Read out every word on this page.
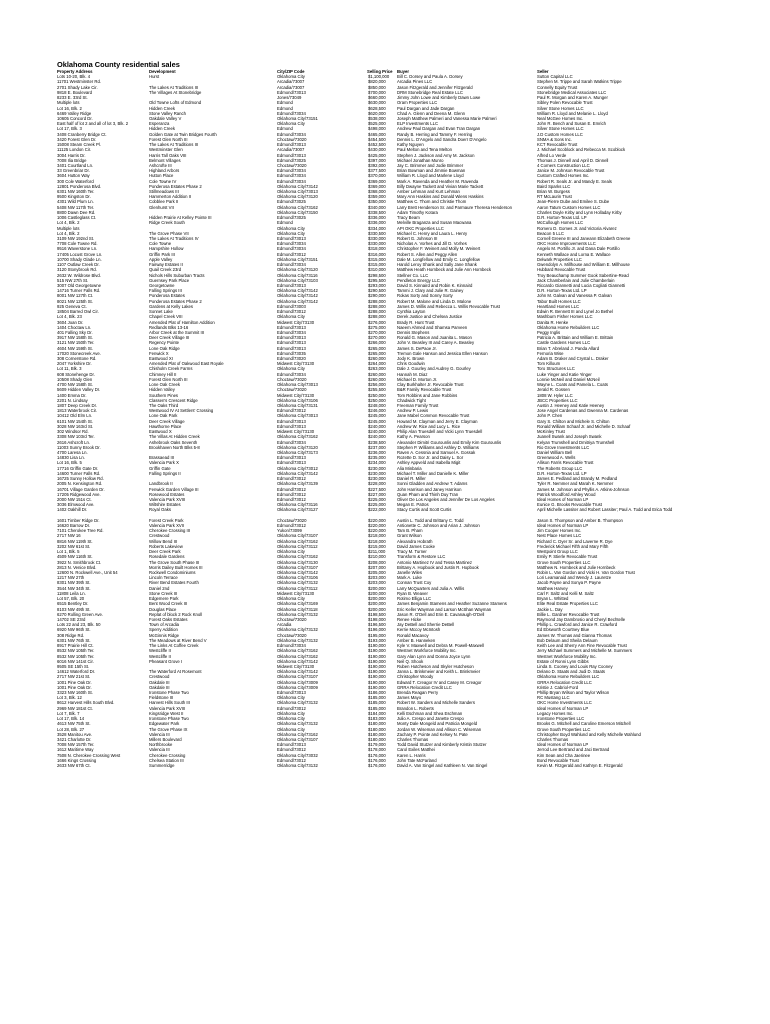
Oklahoma County residential sales
Property Address	Development	City/ZIP Code	Selling Price	Buyer	Seller
Lots 10-20, Blk. 4	Hurst	Oklahoma City	$1,100,000	Bill C. Dorsey and Paula A. Dorsey	Sutton Capital LLC
11701 Westminster Rd.		Arcadia/73007	$820,000	Arcadia Pines LLC	Stephen M. Trippe and Sarah Watkins Trippe
2701 Shady Lake Cir.	The Lakes At Traditions III	Arcadia/73007	$850,000	Jason Fitzgerald and Jennifer Fitzgerald	Connelly Equity Trust
9818 E. Boulevard	The Villages At Stonebridge	Edmond/73013	$700,000	DRM Stonebridge Real Estate LLC	Stonebridge Medical Associates LLC
8233 E. 33rd St.		Jones/73049	$660,000	Jimmy John Lowe and Kimberly Dawn Lowe	Paul R. Morgan and Karen A. Munger
Multiple lots	Old Towne Lofts of Edmond	Edmond	$630,000	Oram Properties LLC	Sibley Polen Revocable Trust
Lot 16, Blk. 2	Hidden Creek	Edmond	$628,500	Paul Dargan and Jade Dargan	Silver Stone Homes LLC
6469 Valley Ridge	Stone Valley Ranch	Edmond/73034	$620,000	Chad A. Glenn and Deena M. Glenn	William R. Lloyd and Melanie L. Lloyd
10605 Concord Dr.	Oakdale Valley V	Oklahoma City/73151	$538,000	Joseph Matthew Palmeri and Vanessa Marie Palmeri	Neal McGee Homes Inc.
East half of lot 2 and all of lot 3, Blk. 2	Esperanza	Oklahoma City	$525,000	ELP Investments LLC	John R. Bench and Susan E. Emrich
Lot 17, Blk. 3	Hidden Creek	Edmond	$498,000	Andrew Paul Dargan and Evan Tran Dargan	Silver Stone Homes LLC
3408 Cranberry Bridge Ct.	Golden Gate at Twin Bridges Fourth	Edmond/73034	$465,000	Randy B. Herring and Tammy F. Herring	J.D Custom Homes LLC
3420 Forest Glen Dr.	Forest Glen North III	Choctaw/73020	$454,500	Dennis L. D'Angelo and Sandra Doerr D'Angelo	SNMA & Sons Inc.
15008 Steam Creek Pl.	The Lakes At Traditions III	Edmond/73013	$452,500	Kathy Nguyen	KCT Revocable Trust
11125 London Cir.	Westminster Glen	Arcadia/73007	$430,000	Paul Melton and Tena Melton	J. Michael Scoblock and Rebecca M. Scoblock
3004 Harris Dr.	Harris Tall Oaks VIII	Edmond/73013	$425,000	Stephen J. Jackson and Amy M. Jackson	Alfred Lo Verde
7008 Ilia Bridge	Belmont Villages	Edmond/73025	$397,000	Michael Jonathan Munro	Thomas J. Dinnell and April D. Dinnell
3401 Courtland Ln.	Ashcrofte III	Choctaw/73020	$392,000	Jay C. Brimmer and Jodie Brimmer	4 Corners Construction LLC
33 Greenbriar Dr.	Highland Arbors	Edmond/73034	$377,500	Brian Bowman and Jimmie Bowman	Janice M. Johnson Revocable Trust
3604 Hutton Way	Hutton Place	Edmond/73034	$370,000	William R. Lloyd and Marlene Lloyd	Custom Crafted Homes Inc.
300 Cole Waterford	Cole Towne IV	Edmond/73034	$369,000	Mark A. Ravenda and Heather M. Ravenda	Robert R. Seals Jr. and Mandy E. Seals
12801 Ponderosa Blvd.	Ponderosa Estates Phase 2	Oklahoma City/73142	$369,000	Billy Dwayne Tackett and Vivian Marie Tackett	Baird Sparks LLC
6301 NW 160th Ter.	Stillmeadows III	Oklahoma City/73013	$368,000	Amber Lehman and Kurt Lehman	Brian W. Burgess
9500 Kingston Dr.	Hammerton Addition II	Oklahoma City/73120	$359,000	Mary Ann Haskins and Donald Wiens Haskins	RT McLaurin Trust
4301 Wild Plum Ln.	Cobblee Park II	Edmond/73025	$350,000	Matthew C. Thom and Christie Thom	Jean-Pierre Dube and Emilee S. Dube
5408 NW 117th Ter.	Glenhurst VII	Oklahoma City/73162	$340,000	Larry Brett Henderson Sr. and Parmaure Theresa Henderson	Aaron Tatum Custom Homes LLC
8800 Dawn Dee Rd.		Oklahoma City/73150	$338,500	Adam Timothy Kotara	Charles Doyle Kirby and Lynn Holladay Kirby
1006 Castleglass Ct.	Hidden Prairie At Kelley Pointe III	Edmond/73025	$336,000	Tracy Beam	D.R. Horton-Texas Ltd. LP
Lot 4, Blk. 2	Ridge Creek South	Edmond	$336,000	Melville Braganza and Susan Macwana	McCullough Homes LLC
Multiple lots		Oklahoma City	$334,000	API OKC Properties LLC	Romero D. Gomes Jr. and Victoria Alvarez
Lot 4, Blk. 2	The Grove Phase VII	Oklahoma City	$330,500	Michael C. Henry and Laura L. Henry	Beacon 5 LLC
3109 NW 192nd St.	The Lakes At Traditions IV	Edmond/73013	$330,000	Robert G. Johnson III	Cornell Greene III and Janeann Elizabeth Greene
7708 Cole Towne Rd.	Cole Towne	Edmond/73034	$330,000	Nicholas A. Vorhes and Jill D. Vorhes	OKC Home Improvements LLC
9516 Waverstone Ln.	Hampshire Hollow	Edmond/73034	$318,000	Christopher F. Weinert and Molly M. Weinert	Angelo M. Portillo Jr. and Dana Dale Portillo
17405 Locust Grove Ln.	Griffin Park III	Edmond/73012	$316,000	Robert S. Allen and Peggy Allen	Kenneth Wallace and Lorna E. Wallace
10700 Shady Glade Ln.	Apple Valley	Oklahoma City/73151	$315,000	Dale M. Longfellow and Emily C. Longfellow	Delwark Properties LLC
1107 Outlaw Creek Dr.	Fairway Estates II	Edmond/73034	$315,000	Harold Leroy Shank and Sally Jane Shank	Gwendolyn A. Millhouse and William E. Millhouse
3120 Stonybrook Rd.	Quail Creek 23rd	Oklahoma City/73120	$310,000	Matthew Heath Hornbeck and Julie Ann Hornbeck	Hubbard Revocable Trust
2632 W. Wildrose Blvd.	Nichols Hills Suburban Tracts	Oklahoma City/73116	$298,500	Stellner Co. LLC	Troy Beauchamp Summer Gook Sabertine-Read
515 NW 27th St.	Guernsey Park Place	Oklahoma City/73103	$295,500	Pendleton Energy LLC	Jack Chamberlain and Julie Chamberlain
3007 Old Georgetowne	Georgetowne	Edmond/73013	$293,000	David S. Kinnaird and Robin K. Kinnaird	Riccardo Giannetti and Lucia Cogliati Giannetti
14716 Turner Falls Rd.	Falling Springs III	Oklahoma City/73142	$290,500	Tammi J. Clary and Julie R. Gainey	D.R. Horton-Texas Ltd. LP
8001 NW 127th Ct.	Ponderosa Estates	Oklahoma City/73142	$290,000	Rokas Sorty and Sonny Sorty	John M. Galvan and Vanessa P. Galvan
8021 NW 125th St.	Ponderosa Estates Phase 2	Oklahoma City/73142	$288,000	Robert M. Malone and Linda D. Malone	Tabor Built Homes LLC
925 Geneva Ct.	Gardens at Kelly Lakes	Edmond/73003	$288,000	James D. Willis and Rebecca L. Willis Revocable Trust	Heartland Homes LLC
18504 Barred Owl Cir.	Sonnet Lake	Edmond/73012	$288,000	Cynthia Layton	Edwin R. Bennett III and Lynel Jo Bethel
Lot 4, Blk. 23	Chapel Creek VIII	Oklahoma City	$288,000	Derek Justice and Chelsea Justice	Mashburn Fisher Homes LLC
3604 Joan Dr.	Amended Plat of Hamilton Addition	Midwest City/73130	$276,000	Brady R. Hunt Trust	Danita R. Henke
1404 Choctaw Ln.	Redlands Blks 13-16	Edmond/73013	$275,000	Naeem Ahmed and Shamsa Parveen	Oklahoma Home Rebuilders LLC
401 Falling Sky Dr.	Arbor Creek at the Summit III	Edmond/73034	$270,000	Dennis Stephens	Peggy Inglis
3917 NW 158th St.	Deer Creek Village III	Edmond/73013	$270,000	Ronald G. Mason and Juanita L. Mason	Patricia A. Brittain and William E. Brittain
3121 NW 150th Ter.	Regency Pointe	Edmond/73013	$266,000	John V. Beasley III and Carey A. Beasley	Castle Gardens Homes LLC
4604 NW 159th St.	Lone Oak Ridge	Edmond/73013	$265,000	James S. DePaoe Jr.	Brian T. Abreland J. Panda Allard
17020 Stonecreek Ave.	Fenwick X	Edmond/73035	$265,000	Tremon Gale Hanson and Jessica Ellen Hanson	Fernoria Wise
308 Cornerstone Rd.	Eastwood XI	Edmond/73020	$260,000	Jody K. Brown	Adam B. Draker and Crystal L. Draker
2047 Yorkshire Dr.	Amended Plat of Oakwood East Royale	Midwest City/73130	$264,000	Chris Goodwin	Tom Killoum
Lot 11, Blk. 3	Chisholm Creek Farms	Oklahoma City	$263,000	Dale J. Gourley and Audrey G. Gourley	Toro Structures LLC
608 Stonehenge Dr.	Chimney Hill II	Edmond/73034	$260,000	Hannah M. Diaz	Luke Yinger and Katie Yinger
10508 Shady Glen	Forest Glen North III	Choctaw/73020	$260,000	Michael D. Morton Jr.	Lonnie McNeil and Daniel McNeil
4700 NW 158th St.	Lone Oak Creek	Oklahoma City/73013	$256,000	Clay Burkhalter Jr. Revocable Trust	Wayne L. Coats and Pamela L. Coats
5609 Hidden Valley Dr.	Hidden Valley	Choctaw/73020	$255,500	B&R Family Revocable Trust	Jerald R. Gossen
1400 Emma Dr.	Southern Pines	Midwest City/73130	$250,000	Tom Robbins and Jane Robbins	1808 W. Hyler LLC
2201 N. Lindsay	Classen's Crescent Ridge	Oklahoma City/73106	$250,000	Chadwick Tight	JBCC Properties LLC
1807 Deep Creek Dr.	The Oaks Third	Oklahoma City/73131	$248,000	Freeman Family Trust	Austin J. Heeney and Katie Heeney
1813 Waterbrook Cir.	Westwood IV At Settlers' Crossing	Edmond/73012	$246,000	Andrew P. Lewis	Jose Angel Cardenas and Gwenna M. Cardenas
10412 Old Elm Ln.	Lone Oak Park	Oklahoma City/73013	$245,000	Jane Mabel Common Revocable Trust	John P. Chen
6101 NW 154th St.	Deer Creek Village	Edmond/73013	$245,000	Howard M. Clayman and Jerry E. Clayman	Gary S. Chilton and Michele S. Chilton
3028 NW 163rd St.	Hawthorne Place	Edmond/73013	$240,000	Andrew W. Rice and Lucy L. Rice	Ronald William Schaaf Jr. and Michelle D. Schaaf
302 Windsor Rd.	Eastwood X	Midwest City/73130	$240,000	Philip Alan Truesdell and Vicki Lynn Truesdell	McKinley Trust
3308 NW 103rd Ter.	The Villas At Hidden Creek	Oklahoma City/73162	$240,000	Kathy A. Pearson	Juanell Swank and Joseph Swank
2616 Ashcroft Ln.	Ashebrook Oaks Seventh	Edmond/73034	$238,500	Alexander Dimitri Gourounlis and Emily Kim Gourounlis	Kelyan Trumshell and Dmitriya Trumshell
11003 Sunny Brook Dr.	Brookhaven North Blks 5-8	Oklahoma City/73120	$237,000	Stephen P. Williams and Ashley D. Williams	Rio Grove Investments LLC
4700 Laresa Ln.		Oklahoma City/73173	$236,000	Raven A. Cessnia and Samuel A. Gossak	Daniel William Bell
14830 Lisa Ln.	Brassaead III	Edmond/73013	$235,000	Rozette D. Sor Jr. and Daisy L. Sor	Greenwood A. Wells
Lot 16, Blk. 5	Valencia Park X	Edmond/73013	$234,000	Ashley Appveld and Isabella Migit	Allison Farris Revocable Trust
17716 Griffin Gate Dr.	Griffin Gate	Oklahoma City/73012	$230,000	Alia Minbaria	The Roberts Group LLC
14600 Turner Falls Rd.	Falling Springs II	Oklahoma City/73142	$230,000	Michael T. Miller and Danielle K. Miller	D.R. Horton-Texas Ltd. LP
16725 Sunny Hollow Rd.		Edmond/73012	$230,000	Daniel R. Miller	James E. Pedland and Brandy M. Pedland
2005 N. Kensington Rd.	Landbrook II	Oklahoma City/73139	$228,000	Sonni Gladden and Andrew T. Adams	Tyler R. Nemmer and Marah K. Nemmer
16701 Village Garden Dr.	Fenwick Garden Village III	Edmond/73012	$227,500	John Harrison and Janey Harrison	James M. Johnson and Phyllis A. Atkins-Johnson
17205 Ridgewood Ave.	Rosewood Estates	Edmond/73012	$227,000	Quan Pham and Thinh Duy Tran	Patrick Woodford Ashley Wood
2000 NW 151s Ct.	Valencia Park XVIII	Edmond/73012	$225,000	Oliver De Los Angeles and Jennifer De Los Angeles	Ideal Homes of Norman LP
3036 Elmwood Ave.	Wiltshire Estates	Oklahoma City/73116	$225,000	Megan E. Patros	Eunice G. Brooks Revocable Trust
1402 Oakhill Dr.	Royal Oaks	Oklahoma City/73127	$222,000	Stacy Curtis and Scott Curtis	April Michelle Lassiter and Robert Lassiter; Paul A. Todd and Erica Todd

1601 Timber Ridge Dr.	Forest Creek Park	Choctaw/73020	$220,000	Austin L. Todd and Brittany C. Todd	Jason S. Thompson and Amber B. Thompson
16620 Barrow Dr.	Valencia Park XVII	Edmond/73012	$220,000	Antionette C. Johnson and Arian J. Johnson	Ideal Homes of Norman LP
7101 Cherokee Tree Rd.	Cherokee Crossing III	Yukon/73099	$220,000	Tam B. Pham	Jim Cooper Homes Inc.
2717 NW 16	Crestwood	Oklahoma City/73107	$218,000	Grant Wilson	Nest Place Homes LLC
8816 NW 119th St.	Willow Bend III	Oklahoma City/73162	$218,000	Alexandra Hobrath	Richard C. Dyer Sr. and Laverne R. Dye
3202 NW 61st St.	Roberts Lakeview	Oklahoma City/73112	$215,000	David James Cooke	Frederick Michael Fifth and Mary Fifth
Lot 1, Blk. 5	Deer Creek Park	Oklahoma City	$211,000	Tracy M. Turner	Westpoint Group LLC
4509 NW 116th St.	Rosedale Gardens	Oklahoma City/73162	$210,000	Transform & Restore LLC	Emily P. Stierle Revocable Trust
3922 N. Smithbrook Ct.	The Grove South Phase III	Oklahoma City/73130	$208,000	Antonio Martinez IV and Tessa Martinez	Grove South Properties LLC
2813 N. Venice Blvd.	Morris Dailey Built Homes III	Oklahoma City/73107	$207,000	Brittany A. Hopbook and Justin R. Hopbook	Matthew N. Hornbeck and Julie Hornbeck
12600 N. Rockwell Ave., Unit 54	Rockwell Condominiums	Oklahoma City/73142	$205,000	Janelle Wiles	Robin L. Van Gordon and Vicki H. Van Gordon Trust
1217 NW 27th	Lincoln Terrace	Oklahoma City/73106	$203,000	Mark A. Luke	Lori Leamanaid and Wendy J. Lauretze
8301 NW 39th St.	River Bend Estates Fourth	Oklahoma City/73132	$203,000	Connan Trust Coy	Jacob Payne and Sonya P. Payne
3544 NW 34th St.	Daniel 2nd	Oklahoma City/73112	$200,000	Larry McQuarters and Julia A. Willis	Matthew Harvey
11808 Leila Ln.	Stone Creek III	Midwest City/73130	$200,000	Ryan B. Weaver	Carl F. Saltz and Kelli M. Saltz
Lot 57, Blk. 20	Edgemere Park	Oklahoma City	$200,000	Rotimo Elliga LLC	Bryan L. Whitted
6515 Bentley Dr.	Bent Wood Creek III	Oklahoma City/73169	$200,000	James Benjamin Stamens and Heather Suzanne Stamens	Elite Real Estate Properties LLC
8103 NW 49th St.	Douglas Place	Oklahoma City/73118	$200,000	Eric Keller Wayman and Larson McShan Wayman	Jackie L. Day
6270 Rolling Green Ave.	Replat of block 2 Rock Knoll	Oklahoma City/73132	$198,500	Jason R. O'Dell and Erin E. Cavanaugh-O'Dell	Billie L. Gardner Revocable Trust
14702 SE 23rd	Forest Oaks Estates	Choctaw/73020	$198,000	Renee Hicke	Raymond Jay Dambrosio and Cheryl Bechtelle
Lots 22 and 23, Blk. 50	Town of Arcadia	Arcadia	$196,500	Jay DeBell and Sherrie DeBell	Phillip L. Crawford and Janice R. Crawford
6920 NW 96th St.	Sperry Addition	Oklahoma City/73132	$196,000	Kerrie Mccoy McIntosh	Ed Ebsworth Courtney Blue
308 Ridge Rd.	McGinnis Ridge	Choctaw/73020	$195,000	Ronald Macavoy	James W. Thomas and Gianna Thomas
6301 NW 76th St.	The Meadows at River Bend V	Oklahoma City/73132	$193,000	Amber B. Hanneken	Bob Delaum and Sheila Delaum
8917 Prairie Hill Ct.	The Links At Coffee Creek	Edmond/73034	$190,000	Kyle V. Maxwell and Debra M. Powell-Maxwell	Keith Lee and Sherry Ann Fine Revocable Trust
8532 NW 105th Ter.	Westcliffe II	Oklahoma City/73162	$190,000	Westnet Workforce Mobility Inc.	Jerry Michael Summers and Michelle M. Summers
8532 NW 105th Ter.	Westcliffe II	Oklahoma City/73162	$190,000	Gary Alan Lynn and Donna Joyce Lynn	Westnet Workforce Mobility Inc.
6016 NW 141st Cir.	Pheasant Grove I	Oklahoma City/73142	$190,000	Neil Q. Shook	Estate of Ronni Lynn Gibbs
9505 SE 15th St.		Midwest City/73130	$190,000	Ruben Hutcheson and Skyler Hutcheson	Linda S. Cooney and Louis Ray Cooney
14612 Waterford Dr.	The Waterford At Rosemont	Oklahoma City/73142	$190,000	Janna L. Brinkmeier and Keith L. Brinkmeier	Delano D. Staats and Judi D. Staats
2717 NW 21st St.	Crestwood	Oklahoma City/73107	$190,000	Christopher Woody	Oklahoma Home Rebuilders LLC
1001 Pine Oak Dr.	Oakdale III	Oklahoma City/73009	$190,000	Edward T. Creagor IV and Casey M. Creagor	GRRA Relocation Credit LLC
1001 Pine Oak Dr.	Oakdale III	Oklahoma City/73009	$190,000	GRRA Relocation Credit LLC	Kristie J. Cabriol-Ford
3323 NW 160th St.	Ironstone Phase Two	Edmond/73013	$186,000	Brenda Reagan Perry	Phillip Bryan Wilson and Taylor Wilson
Lot 3, Blk. 12	Fieldstone III	Oklahoma City	$185,000	James Mayo	RC Mustang LLC
8612 Harvest Hills South Blvd.	Harvest Hills South III	Oklahoma City/73132	$185,000	Robert W. Sanders and Michelle Sanders	OKC Home Investments LLC
2969 NW 181st Ct.	Valencia Park XVIII	Edmond/73012	$185,000	Brandon L. Roberts	Ideal Homes of Norman LP
Lot 7, Blk. 7	Kingsridge West II	Oklahoma City	$184,000	Kelli Eschman and Shea Eschman	Legacy Homes Inc.
Lot 17, Blk. 14	Ironstone Phase Two	Oklahoma City	$183,000	Julio A. Crespo and Janette Crespo	Ironstone Properties LLC
4613 NW 75th St.	Edgewater Park	Oklahoma City/73132	$180,000	Monty Dale Mongeld and Patricia Mongeld	Brooks G. Mitchell and Caroline Emerson Mitchell
Lot 28, Blk. 27	The Grove Phase IX	Oklahoma City	$180,000	Jordan W. Wiseman and Allison C. Wiseman	Grove South Properties LLC
3528 Manitou Ave.	Valencia III	Oklahoma City/73162	$180,000	Zachary P. Pointe and Kelsey N. Pate	Christopher Boyd Wahlund and Kelly Michelle Wahlund
3421 Charlotte Dr.	Millers Boulevard	Oklahoma City/73107	$180,000	Charles Thomas	Charles Thomas
7008 NW 157th Ter.	Northbrooke	Edmond/73013	$179,000	Todd David Stutzer and Kimberly Kristin Stutzer	Ideal Homes of Norman LP
1612 Maritime Way	Valencia III	Edmond/73012	$178,000	Carol Exiles Matthei	Jerrod Lee Bertrand and Jaci Bertrand
7508 N. Cherokee Crossing West	Cherokee Crossing	Oklahoma City/73032	$176,000	Karen L. Harris	Kim Sean and Cha Jaerinee
1666 Kings Crossing	Chelsea Station III	Edmond/73012	$176,000	John Tate McFarland	Bond Revocable Trust
2633 NW 67th Ct.	Summerridge	Oklahoma City/73132	$176,000	David A. Van Singel and Kathleen N. Van Singel	Kevin M. Fitzgerald and Kathryn E. Fitzgerald
